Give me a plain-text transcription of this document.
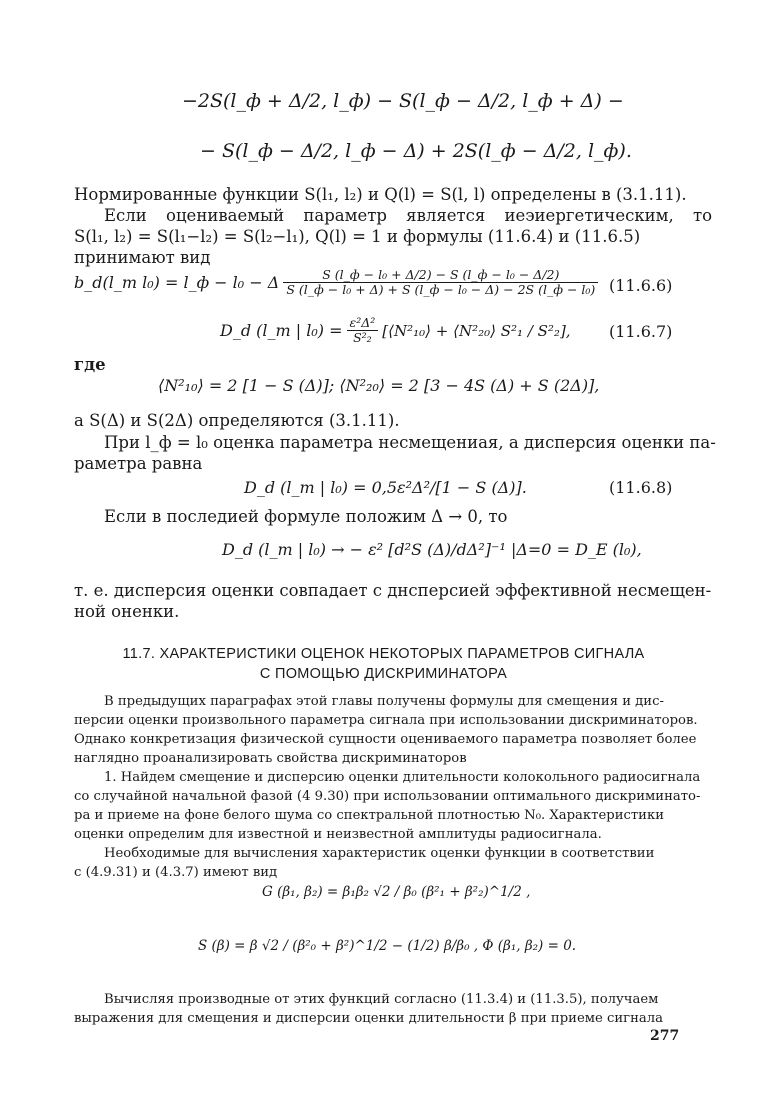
−2S(l_ф + Δ/2, l_ф) − S(l_ф − Δ/2, l_ф + Δ) −
− S(l_ф − Δ/2, l_ф − Δ) + 2S(l_ф − Δ/2, l_ф).
Нормированные функции S(l₁, l₂) и Q(l) = S(l, l) определены в (3.1.11).
Если оцениваемый параметр является иеэиергетическим, то
S(l₁, l₂) = S(l₁−l₂) = S(l₂−l₁), Q(l) = 1 и формулы (11.6.4) и (11.6.5)
принимают вид
b_d(l_m l₀) = l_ф − l₀ − Δ $\frac{\text{S (l\_ф − l₀ + Δ/2) − S (l\_ф − l₀ − Δ/2)}}{\text{S (l\_ф − l₀ + Δ) + S (l\_ф − l₀ − Δ) − 2S (l\_ф − l₀)}} (11.6.6)$
D_d (l_m | $l_0) = \frac{\text{ε²Δ²}}{\text{S²₂}}$ [⟨N²₁₀⟩ + ⟨N²₂₀⟩ S²₁ / S²₂], (11.6.7)
где
⟨N²₁₀⟩ = 2 [1 − S (Δ)]; ⟨N²₂₀⟩ = 2 [3 − 4S (Δ) + S (2Δ)],
а S(Δ) и S(2Δ) определяются (3.1.11).
При l_ф = l₀ оценка параметра несмещениая, а дисперсия оценки па-
раметра равна
D_d (l_m | l₀) = 0,5ε²Δ²/[1 − S (Δ)].	(11.6.8)
Если в последией формуле положим Δ → 0, то
D_d (l_m | l₀) → − ε² [d²S (Δ)/dΔ²]⁻¹ |Δ=0 = D_E (l₀),
т. е. дисперсия оценки совпадает с днсперсией эффективной несмещен-
ной оненки.
11.7. ХАРАКТЕРИСТИКИ ОЦЕНОК НЕКОТОРЫХ ПАРАМЕТРОВ СИГНАЛА
С ПОМОЩЬЮ ДИСКРИМИНАТОРА
В предыдущих параграфах этой главы получены формулы для смещения и дис-
персии оценки произвольного параметра сигнала при использовании дискриминаторов.
Однако конкретизация физической сущности оцениваемого параметра позволяет более
наглядно проанализировать свойства дискриминаторов
1. Найдем смещение и дисперсию оценки длительности колокольного радиосигнала
со случайной начальной фазой (4 9.30) при использовании оптимального дискриминато-
ра и приеме на фоне белого шума со спектральной плотностью N₀. Характеристики
оценки определим для известной и неизвестной амплитуды радиосигнала.
Необходимые для вычисления характеристик оценки функции в соответствии
с (4.9.31) и (4.3.7) имеют вид
G (β₁, β₂) = β₁β₂ √2 / β₀ (β²₁ + β²₂)^1/2 ,
S (β) = β √2 / (β²₀ + β²)^1/2 − (1/2) β/β₀ , Φ (β₁, β₂) = 0.
Вычисляя производные от этих функций согласно (11.3.4) и (11.3.5), получаем
выражения для смещения и дисперсии оценки длительности β при приеме сигнала
277
